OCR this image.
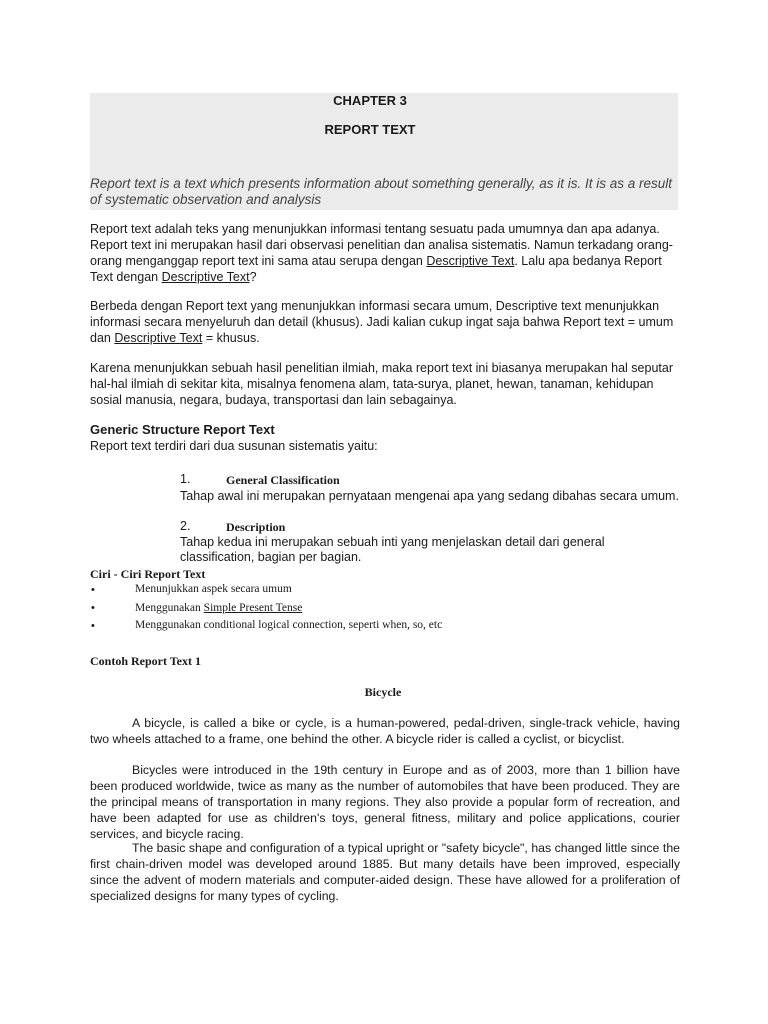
CHAPTER 3
REPORT TEXT
Report text is a text which presents information about something generally, as it is. It is as a result of systematic observation and analysis
Report text adalah teks yang menunjukkan informasi tentang sesuatu pada umumnya dan apa adanya. Report text ini merupakan hasil dari observasi penelitian dan analisa sistematis. Namun terkadang orang-orang menganggap report text ini sama atau serupa dengan Descriptive Text. Lalu apa bedanya Report Text dengan Descriptive Text?
Berbeda dengan Report text yang menunjukkan informasi secara umum, Descriptive text menunjukkan informasi secara menyeluruh dan detail (khusus). Jadi kalian cukup ingat saja bahwa Report text = umum dan Descriptive Text = khusus.
Karena menunjukkan sebuah hasil penelitian ilmiah, maka report text ini biasanya merupakan hal seputar hal-hal ilmiah di sekitar kita, misalnya fenomena alam, tata-surya, planet, hewan, tanaman, kehidupan sosial manusia, negara, budaya, transportasi dan lain sebagainya.
Generic Structure Report Text
Report text terdiri dari dua susunan sistematis yaitu:
1.	General Classification
Tahap awal ini merupakan pernyataan mengenai apa yang sedang dibahas secara umum.
2.	Description
Tahap kedua ini merupakan sebuah inti yang menjelaskan detail dari general classification, bagian per bagian.
Ciri - Ciri Report Text
•	Menunjukkan aspek secara umum
•	Menggunakan Simple Present Tense
•	Menggunakan conditional logical connection, seperti when, so, etc
Contoh Report Text 1
Bicycle
A bicycle, is called a bike or cycle, is a human-powered, pedal-driven, single-track vehicle, having two wheels attached to a frame, one behind the other. A bicycle rider is called a cyclist, or bicyclist.
Bicycles were introduced in the 19th century in Europe and as of 2003, more than 1 billion have been produced worldwide, twice as many as the number of automobiles that have been produced. They are the principal means of transportation in many regions. They also provide a popular form of recreation, and have been adapted for use as children's toys, general fitness, military and police applications, courier services, and bicycle racing.
The basic shape and configuration of a typical upright or "safety bicycle", has changed little since the first chain-driven model was developed around 1885. But many details have been improved, especially since the advent of modern materials and computer-aided design. These have allowed for a proliferation of specialized designs for many types of cycling.
